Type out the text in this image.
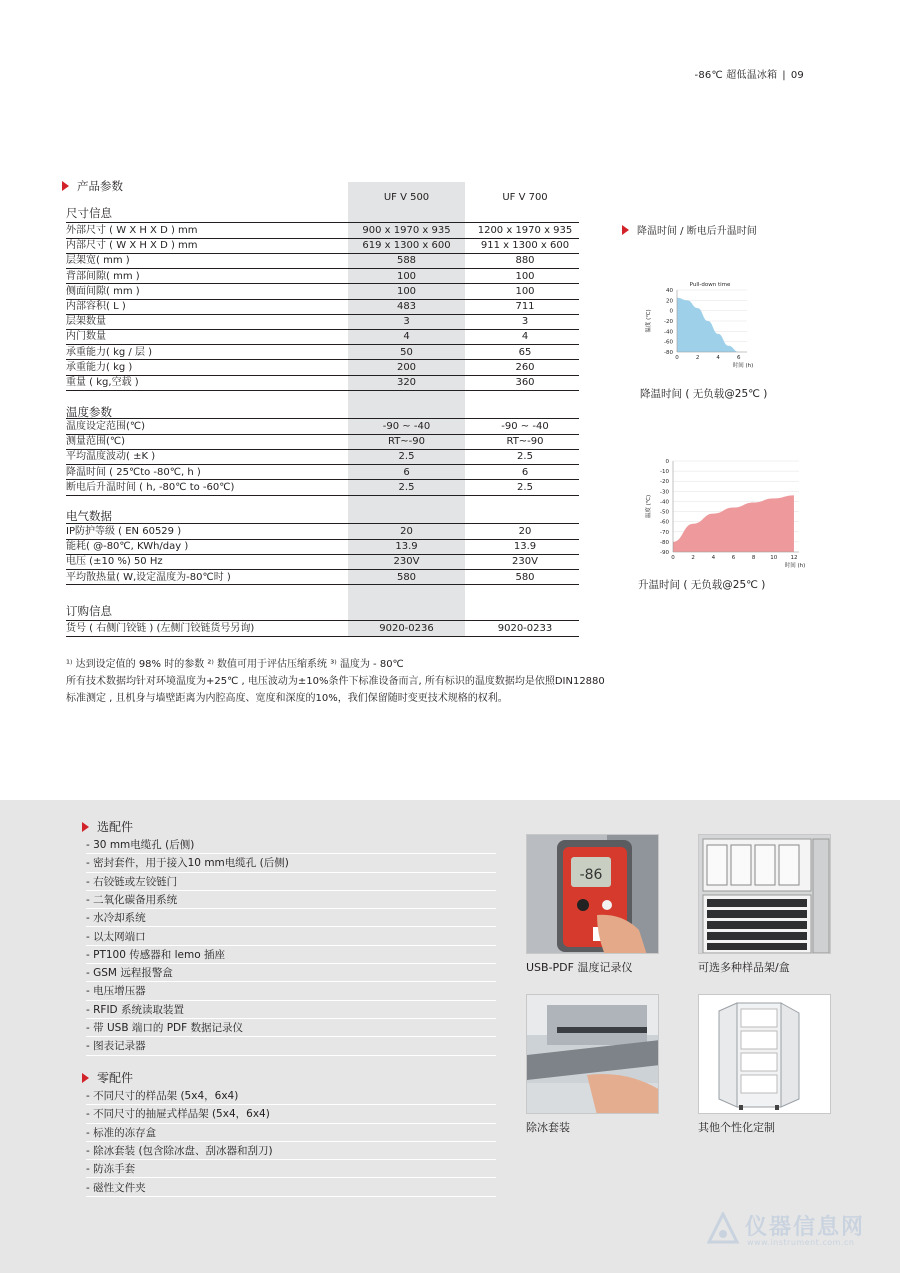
-86℃ 超低温冰箱 | 09
产品参数
UF V 500	UF V 700
尺寸信息
外部尺寸 ( W X H X D ) mm	900 x 1970 x 935	1200 x 1970 x 935
内部尺寸 ( W X H X D ) mm	619 x 1300 x 600	911 x 1300 x 600
层架宽( mm )	588	880
背部间隙( mm )	100	100
侧面间隙( mm )	100	100
内部容积( L )	483	711
层架数量	3	3
内门数量	4	4
承重能力( kg / 层 )	50	65
承重能力( kg )	200	260
重量 ( kg,空载 )	320	360
温度参数
温度设定范围(℃)	-90 ~ -40	-90 ~ -40
测量范围(℃)	RT~-90	RT~-90
平均温度波动( ±K )	2.5	2.5
降温时间 ( 25℃to -80℃, h )	6	6
断电后升温时间 ( h, -80℃ to -60℃)	2.5	2.5
电气数据
IP防护等级 ( EN 60529 )	20	20
能耗( @-80℃, KWh/day )	13.9	13.9
电压 (±10 %) 50 Hz	230V	230V
平均散热量( W,设定温度为-80℃时 )	580	580
订购信息
货号 ( 右侧门铰链 ) (左侧门铰链货号另询)	9020-0236	9020-0233

¹⁾ 达到设定值的 98% 时的参数 ²⁾ 数值可用于评估压缩系统 ³⁾ 温度为 - 80℃

所有技术数据均针对环境温度为+25℃ , 电压波动为±10%条件下标准设备而言, 所有标识的温度数据均是依照DIN12880

标准测定 , 且机身与墙壁距离为内腔高度、宽度和深度的10%，我们保留随时变更技术规格的权利。

降温时间 / 断电后升温时间
40
20
0
-20
-40
-60
-80
0	2	4	6
时间 (h)
温度 (℃)
Pull-down time
降温时间 ( 无负载@25℃ )
0
-10
-20
-30
-40
-50
-60
-70
-80
-90
0	2	4	6	8	10 12
时间 (h)
温度 (℃)
升温时间 ( 无负载@25℃ )
选配件
- 30 mm电缆孔 (后侧)
- 密封套件，用于接入10 mm电缆孔 (后侧)
- 右铰链或左铰链门
- 二氧化碳备用系统
- 水冷却系统
- 以太网端口
- PT100 传感器和 lemo 插座
- GSM 远程报警盒
- 电压增压器
- RFID 系统读取装置
- 带 USB 端口的 PDF 数据记录仪
- 图表记录器
零配件
- 不同尺寸的样品架 (5x4，6x4)
- 不同尺寸的抽屉式样品架 (5x4，6x4)
- 标准的冻存盒
- 除冰套装 (包含除冰盘、刮冰器和刮刀)
- 防冻手套
- 磁性文件夹
-86
USB-PDF 温度记录仪	可选多种样品架/盒
除冰套装	其他个性化定制
仪器信息网
www.instrument.com.cn
